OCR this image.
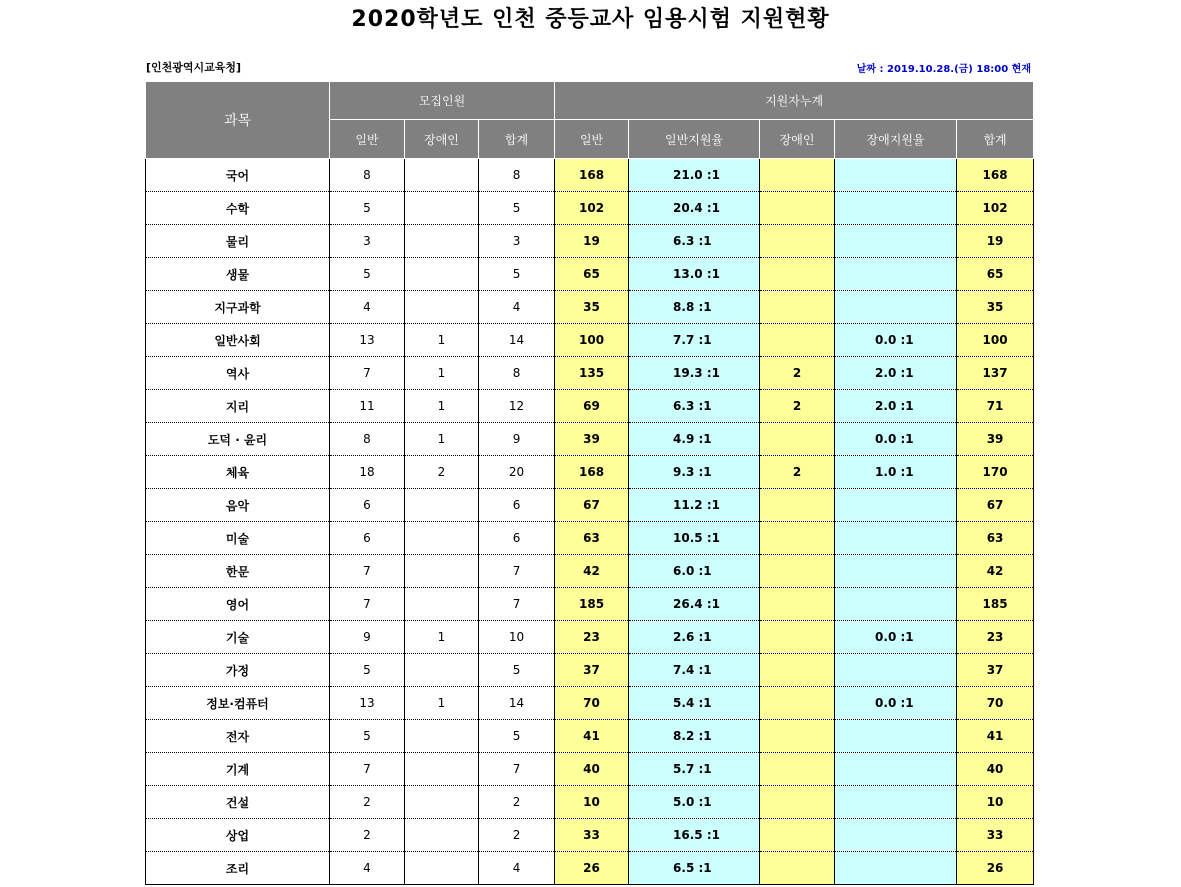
2020학년도 인천 중등교사 임용시험 지원현황
[인천광역시교육청]	날짜 : 2019.10.28.(금) 18:00 현재
과목	모집인원			지원자누계				
	일반	장애인	합계	일반	일반지원율	장애인	장애지원율	합계
국어	8		8	168	21.0 :1			168
수학	5		5	102	20.4 :1			102
물리	3		3	19	6.3 :1			19
생물	5		5	65	13.0 :1			65
지구과학	4		4	35	8.8 :1			35
일반사회	13	1	14	100	7.7 :1		0.0 :1	100
역사	7	1	8	135	19.3 :1	2	2.0 :1	137
지리	11	1	12	69	6.3 :1	2	2.0 :1	71
도덕 · 윤리	8	1	9	39	4.9 :1		0.0 :1	39
체육	18	2	20	168	9.3 :1	2	1.0 :1	170
음악	6		6	67	11.2 :1			67
미술	6		6	63	10.5 :1			63
한문	7		7	42	6.0 :1			42
영어	7		7	185	26.4 :1			185
기술	9	1	10	23	2.6 :1		0.0 :1	23
가정	5		5	37	7.4 :1			37
정보·컴퓨터	13	1	14	70	5.4 :1		0.0 :1	70
전자	5		5	41	8.2 :1			41
기계	7		7	40	5.7 :1			40
건설	2		2	10	5.0 :1			10
상업	2		2	33	16.5 :1			33
조리	4		4	26	6.5 :1			26
